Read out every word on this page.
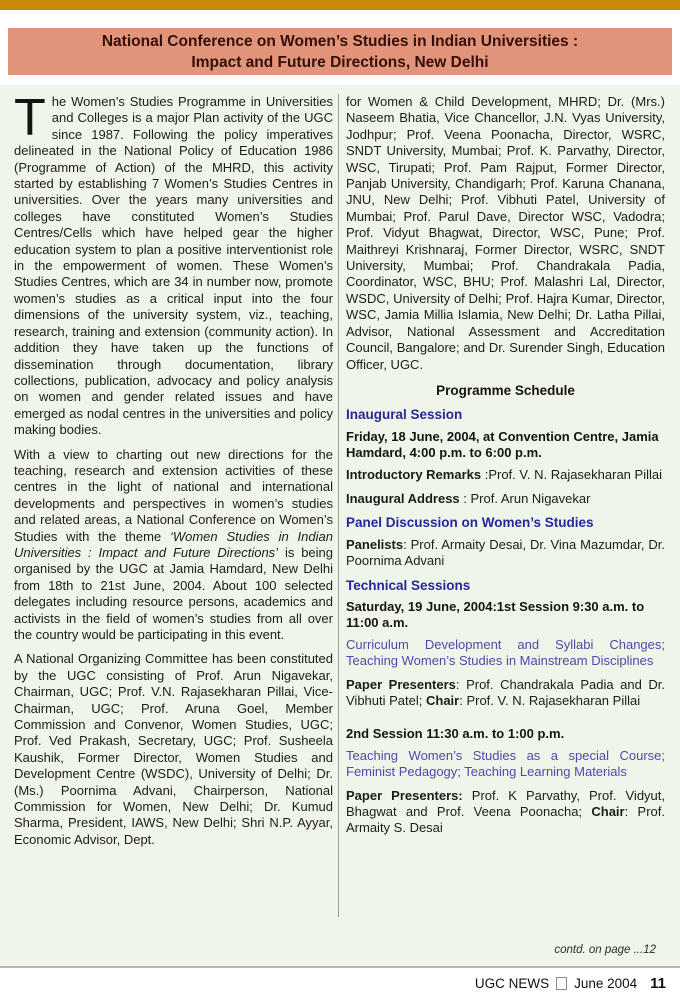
National Conference on Women’s Studies in Indian Universities :
Impact and Future Directions, New Delhi

The Women’s Studies Programme in Universities and Colleges is a major Plan activity of the UGC since 1987. Following the policy imperatives delineated in the National Policy of Education 1986 (Programme of Action) of the MHRD, this activity started by establishing 7 Women’s Studies Centres in universities. Over the years many universities and colleges have constituted Women’s Studies Centres/Cells which have helped gear the higher education system to plan a positive interventionist role in the empowerment of women. These Women’s Studies Centres, which are 34 in number now, promote women’s studies as a critical input into the four dimensions of the university system, viz., teaching, research, training and extension (community action). In addition they have taken up the functions of dissemination through documentation, library collections, publication, advocacy and policy analysis on women and gender related issues and have emerged as nodal centres in the universities and policy making bodies.

With a view to charting out new directions for the teaching, research and extension activities of these centres in the light of national and international developments and perspectives in women’s studies and related areas, a National Conference on Women’s Studies with the theme ‘Women Studies in Indian Universities : Impact and Future Directions’ is being organised by the UGC at Jamia Hamdard, New Delhi from 18th to 21st June, 2004. About 100 selected delegates including resource persons, academics and activists in the field of women’s studies from all over the country would be participating in this event.

A National Organizing Committee has been constituted by the UGC consisting of Prof. Arun Nigavekar, Chairman, UGC; Prof. V.N. Rajasekharan Pillai, Vice-Chairman, UGC; Prof. Aruna Goel, Member Commission and Convenor, Women Studies, UGC; Prof. Ved Prakash, Secretary, UGC; Prof. Susheela Kaushik, Former Director, Women Studies and Development Centre (WSDC), University of Delhi; Dr. (Ms.) Poornima Advani, Chairperson, National Commission for Women, New Delhi; Dr. Kumud Sharma, President, IAWS, New Delhi; Shri N.P. Ayyar, Economic Advisor, Dept.

for Women & Child Development, MHRD; Dr. (Mrs.) Naseem Bhatia, Vice Chancellor, J.N. Vyas University, Jodhpur; Prof. Veena Poonacha, Director, WSRC, SNDT University, Mumbai; Prof. K. Parvathy, Director, WSC, Tirupati; Prof. Pam Rajput, Former Director, Panjab University, Chandigarh; Prof. Karuna Chanana, JNU, New Delhi; Prof. Vibhuti Patel, University of Mumbai; Prof. Parul Dave, Director WSC, Vadodra; Prof. Vidyut Bhagwat, Director, WSC, Pune; Prof. Maithreyi Krishnaraj, Former Director, WSRC, SNDT University, Mumbai; Prof. Chandrakala Padia, Coordinator, WSC, BHU; Prof. Malashri Lal, Director, WSDC, University of Delhi; Prof. Hajra Kumar, Director, WSC, Jamia Millia Islamia, New Delhi; Dr. Latha Pillai, Advisor, National Assessment and Accreditation Council, Bangalore; and Dr. Surender Singh, Education Officer, UGC.

Programme Schedule
Inaugural Session

Friday, 18 June, 2004, at Convention Centre, Jamia Hamdard, 4:00 p.m. to 6:00 p.m.

Introductory Remarks :Prof. V. N. Rajasekharan Pillai

Inaugural Address : Prof. Arun Nigavekar

Panel Discussion on Women’s Studies

Panelists: Prof. Armaity Desai, Dr. Vina Mazumdar, Dr. Poornima Advani

Technical Sessions

Saturday, 19 June, 2004:1st Session 9:30 a.m. to 11:00 a.m.

Curriculum Development and Syllabi Changes; Teaching Women’s Studies in Mainstream Disciplines

Paper Presenters: Prof. Chandrakala Padia and Dr. Vibhuti Patel; Chair: Prof. V. N. Rajasekharan Pillai

2nd Session 11:30 a.m. to 1:00 p.m.

Teaching Women’s Studies as a special Course; Feminist Pedagogy; Teaching Learning Materials

Paper Presenters: Prof. K Parvathy, Prof. Vidyut, Bhagwat and Prof. Veena Poonacha; Chair: Prof. Armaity S. Desai

contd. on page ...12
UGC NEWS June 2004 11
